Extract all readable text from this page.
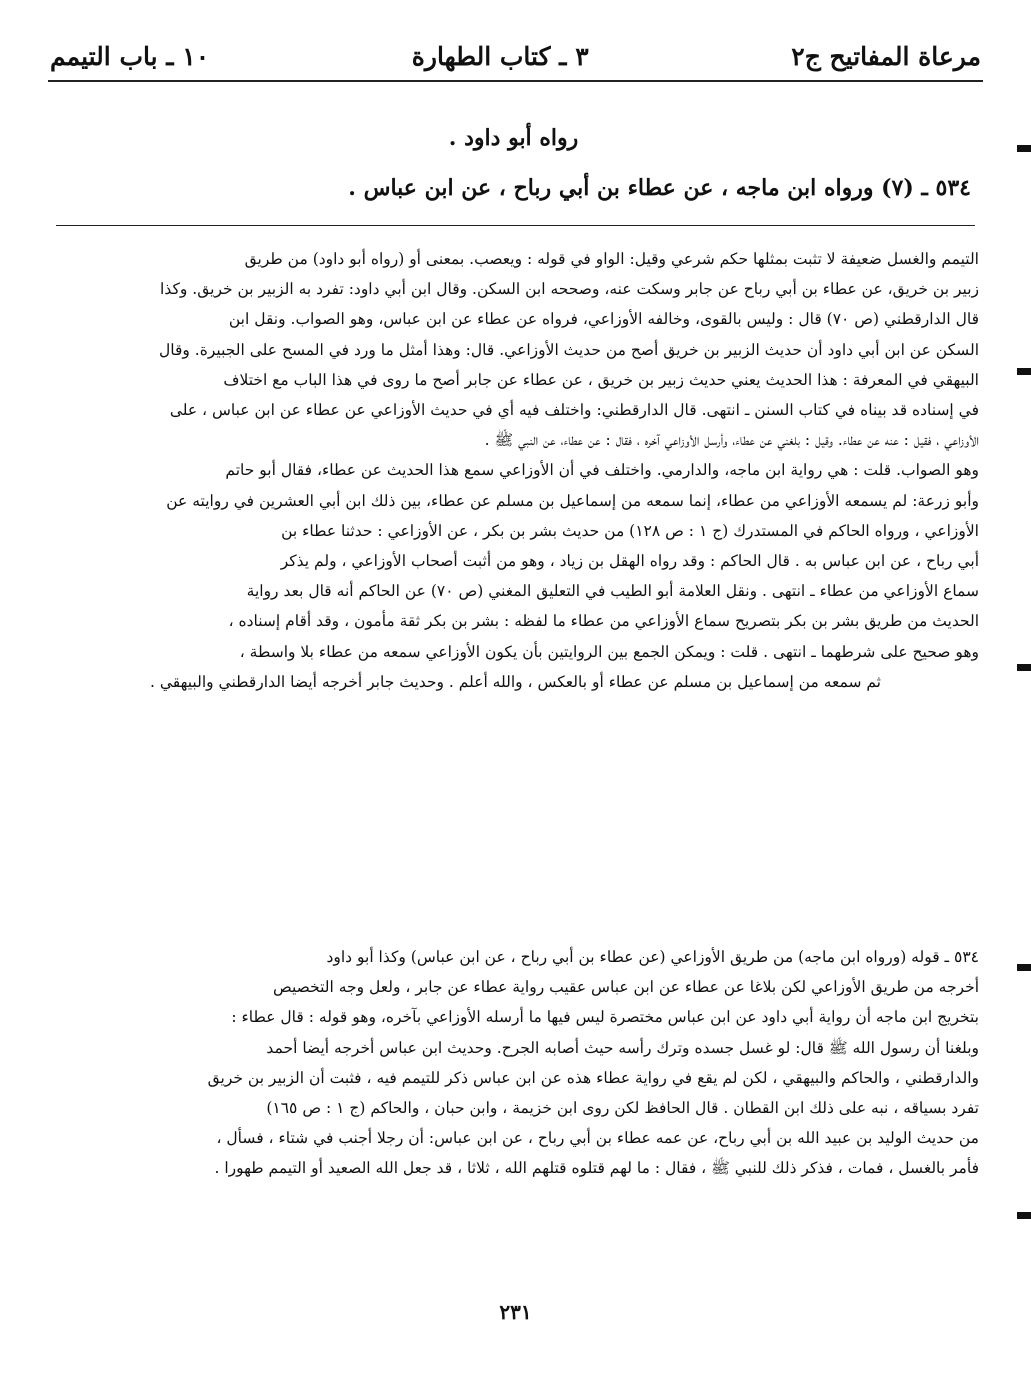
مرعاة المفاتيح ج٢
٣ ـ كتاب الطهارة
١٠ ـ باب التيمم
رواه أبو داود .
٥٣٤ ـ (٧) ورواه ابن ماجه ، عن عطاء بن أبي رباح ، عن ابن عباس .

التيمم والغسل ضعيفة لا تثبت بمثلها حكم شرعي وقيل: الواو في قوله : ويعصب. بمعنى أو (رواه أبو داود) من طريق

زبير بن خريق، عن عطاء بن أبي رباح عن جابر وسكت عنه، وصححه ابن السكن. وقال ابن أبي داود: تفرد به الزبير بن خريق. وكذا

قال الدارقطني (ص ٧٠) قال : وليس بالقوى، وخالفه الأوزاعي، فرواه عن عطاء عن ابن عباس، وهو الصواب. ونقل ابن

السكن عن ابن أبي داود أن حديث الزبير بن خريق أصح من حديث الأوزاعي. قال: وهذا أمثل ما ورد في المسح على الجبيرة. وقال

البيهقي في المعرفة : هذا الحديث يعني حديث زبير بن خريق ، عن عطاء عن جابر أصح ما روى في هذا الباب مع اختلاف

في إسناده قد بيناه في كتاب السنن ـ انتهى. قال الدارقطني: واختلف فيه أي في حديث الأوزاعي عن عطاء عن ابن عباس ، على

الأوزاعي ، فقيل : عنه عن عطاء. وقيل : بلغني عن عطاء، وأرسل الأوزاعي آخره ، فقال : عن عطاء، عن النبي ﷺ .

وهو الصواب. قلت : هي رواية ابن ماجه، والدارمي. واختلف في أن الأوزاعي سمع هذا الحديث عن عطاء، فقال أبو حاتم

وأبو زرعة: لم يسمعه الأوزاعي من عطاء، إنما سمعه من إسماعيل بن مسلم عن عطاء، بين ذلك ابن أبي العشرين في روايته عن

الأوزاعي ، ورواه الحاكم في المستدرك (ج ١ : ص ١٢٨) من حديث بشر بن بكر ، عن الأوزاعي : حدثنا عطاء بن

أبي رباح ، عن ابن عباس به . قال الحاكم : وقد رواه الهقل بن زياد ، وهو من أثبت أصحاب الأوزاعي ، ولم يذكر

سماع الأوزاعي من عطاء ـ انتهى . ونقل العلامة أبو الطيب في التعليق المغني (ص ٧٠) عن الحاكم أنه قال بعد رواية

الحديث من طريق بشر بن بكر بتصريح سماع الأوزاعي من عطاء ما لفظه : بشر بن بكر ثقة مأمون ، وقد أقام إسناده ،

وهو صحيح على شرطهما ـ انتهى . قلت : ويمكن الجمع بين الروايتين بأن يكون الأوزاعي سمعه من عطاء بلا واسطة ،

ثم سمعه من إسماعيل بن مسلم عن عطاء أو بالعكس ، والله أعلم . وحديث جابر أخرجه أيضا الدارقطني والبيهقي .

٥٣٤ ـ قوله (ورواه ابن ماجه) من طريق الأوزاعي (عن عطاء بن أبي رباح ، عن ابن عباس) وكذا أبو داود

أخرجه من طريق الأوزاعي لكن بلاغا عن عطاء عن ابن عباس عقيب رواية عطاء عن جابر ، ولعل وجه التخصيص

بتخريج ابن ماجه أن رواية أبي داود عن ابن عباس مختصرة ليس فيها ما أرسله الأوزاعي بآخره، وهو قوله : قال عطاء :

وبلغنا أن رسول الله ﷺ قال: لو غسل جسده وترك رأسه حيث أصابه الجرح. وحديث ابن عباس أخرجه أيضا أحمد

والدارقطني ، والحاكم والبيهقي ، لكن لم يقع في رواية عطاء هذه عن ابن عباس ذكر للتيمم فيه ، فثبت أن الزبير بن خريق

تفرد بسياقه ، نبه على ذلك ابن القطان . قال الحافظ لكن روى ابن خزيمة ، وابن حبان ، والحاكم (ج ١ : ص ١٦٥)

من حديث الوليد بن عبيد الله بن أبي رباح، عن عمه عطاء بن أبي رباح ، عن ابن عباس: أن رجلا أجنب في شتاء ، فسأل ،

فأمر بالغسل ، فمات ، فذكر ذلك للنبي ﷺ ، فقال : ما لهم قتلوه قتلهم الله ، ثلاثا ، قد جعل الله الصعيد أو التيمم طهورا .

٢٣١
